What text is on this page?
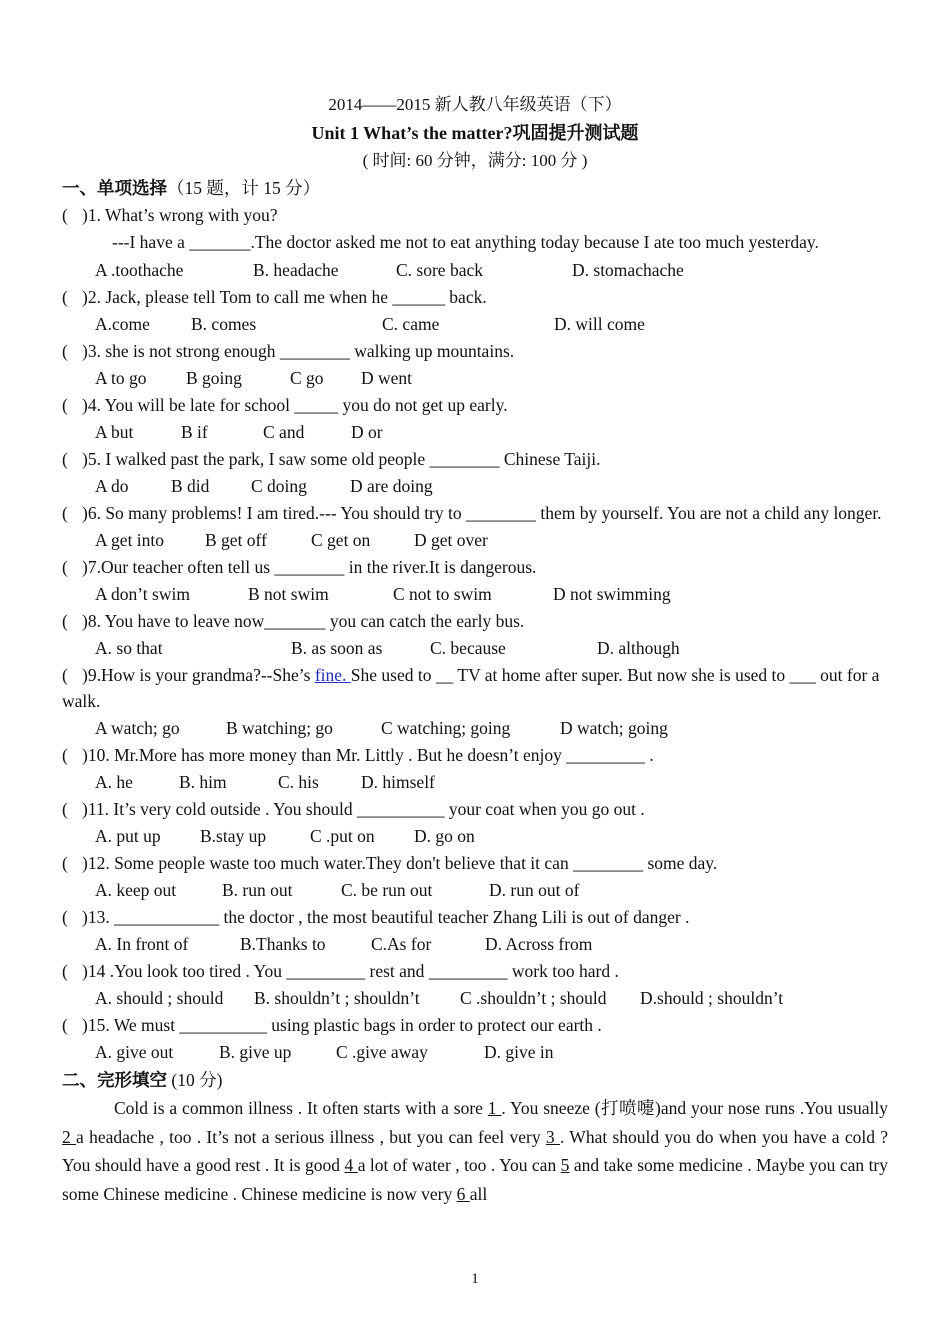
2014——2015 新人教八年级英语（下）
Unit 1 What’s the matter?巩固提升测试题
( 时间: 60 分钟，满分: 100 分 )
一、单项选择（15 题，计 15 分）

( )1. What’s wrong with you?

---I have a _______.The doctor asked me not to eat anything today because I ate too much yesterday.
A .toothache	B. headache	C. sore back	D. stomachache

( )2. Jack, please tell Tom to call me when he ______ back.

A.come	B. comes	C. came	D. will come

( )3. she is not strong enough ________ walking up mountains.

A to go	B going	C go	D went

( )4. You will be late for school _____ you do not get up early.

A but	B if	C and	D or

( )5. I walked past the park, I saw some old people ________ Chinese Taiji.

A do	B did	C doing	D are doing

( )6. So many problems! I am tired.--- You should try to ________ them by yourself. You are not a child any longer.

A get into	B get off	C get on	D get over

( )7.Our teacher often tell us ________ in the river.It is dangerous.

A don’t swim	B not swim	C not to swim	D not swimming

( )8. You have to leave now_______ you can catch the early bus.

A. so that	B. as soon as	C. because	D. although

( )9.How is your grandma?--She’s fine. She used to __ TV at home after super. But now she is used to ___ out for a walk.

A watch; go	B watching; go	C watching; going	D watch; going

( )10. Mr.More has more money than Mr. Littly . But he doesn’t enjoy _________ .

A. he	B. him	C. his	D. himself

( )11. It’s very cold outside . You should __________ your coat when you go out .

A. put up	B.stay up	C .put on	D. go on

( )12. Some people waste too much water.They don't believe that it can ________ some day.

A. keep out	B. run out	C. be run out	D. run out of

( )13. ____________ the doctor , the most beautiful teacher Zhang Lili is out of danger .

A. In front of	B.Thanks to	C.As for	D. Across from

( )14 .You look too tired . You _________ rest and _________ work too hard .

A. should ; should	B. shouldn’t ; shouldn’t	C .shouldn’t ; should	D.should ; shouldn’t

( )15. We must __________ using plastic bags in order to protect our earth .

A. give out	B. give up	C .give away	D. give in
二、完形填空 (10 分)

Cold is a common illness . It often starts with a sore 1 . You sneeze (打喷嚏)and your nose runs .You usually 2 a headache , too . It’s not a serious illness , but you can feel very 3 . What should you do when you have a cold ? You should have a good rest . It is good 4 a lot of water , too . You can 5 and take some medicine . Maybe you can try some Chinese medicine . Chinese medicine is now very 6 all

1
